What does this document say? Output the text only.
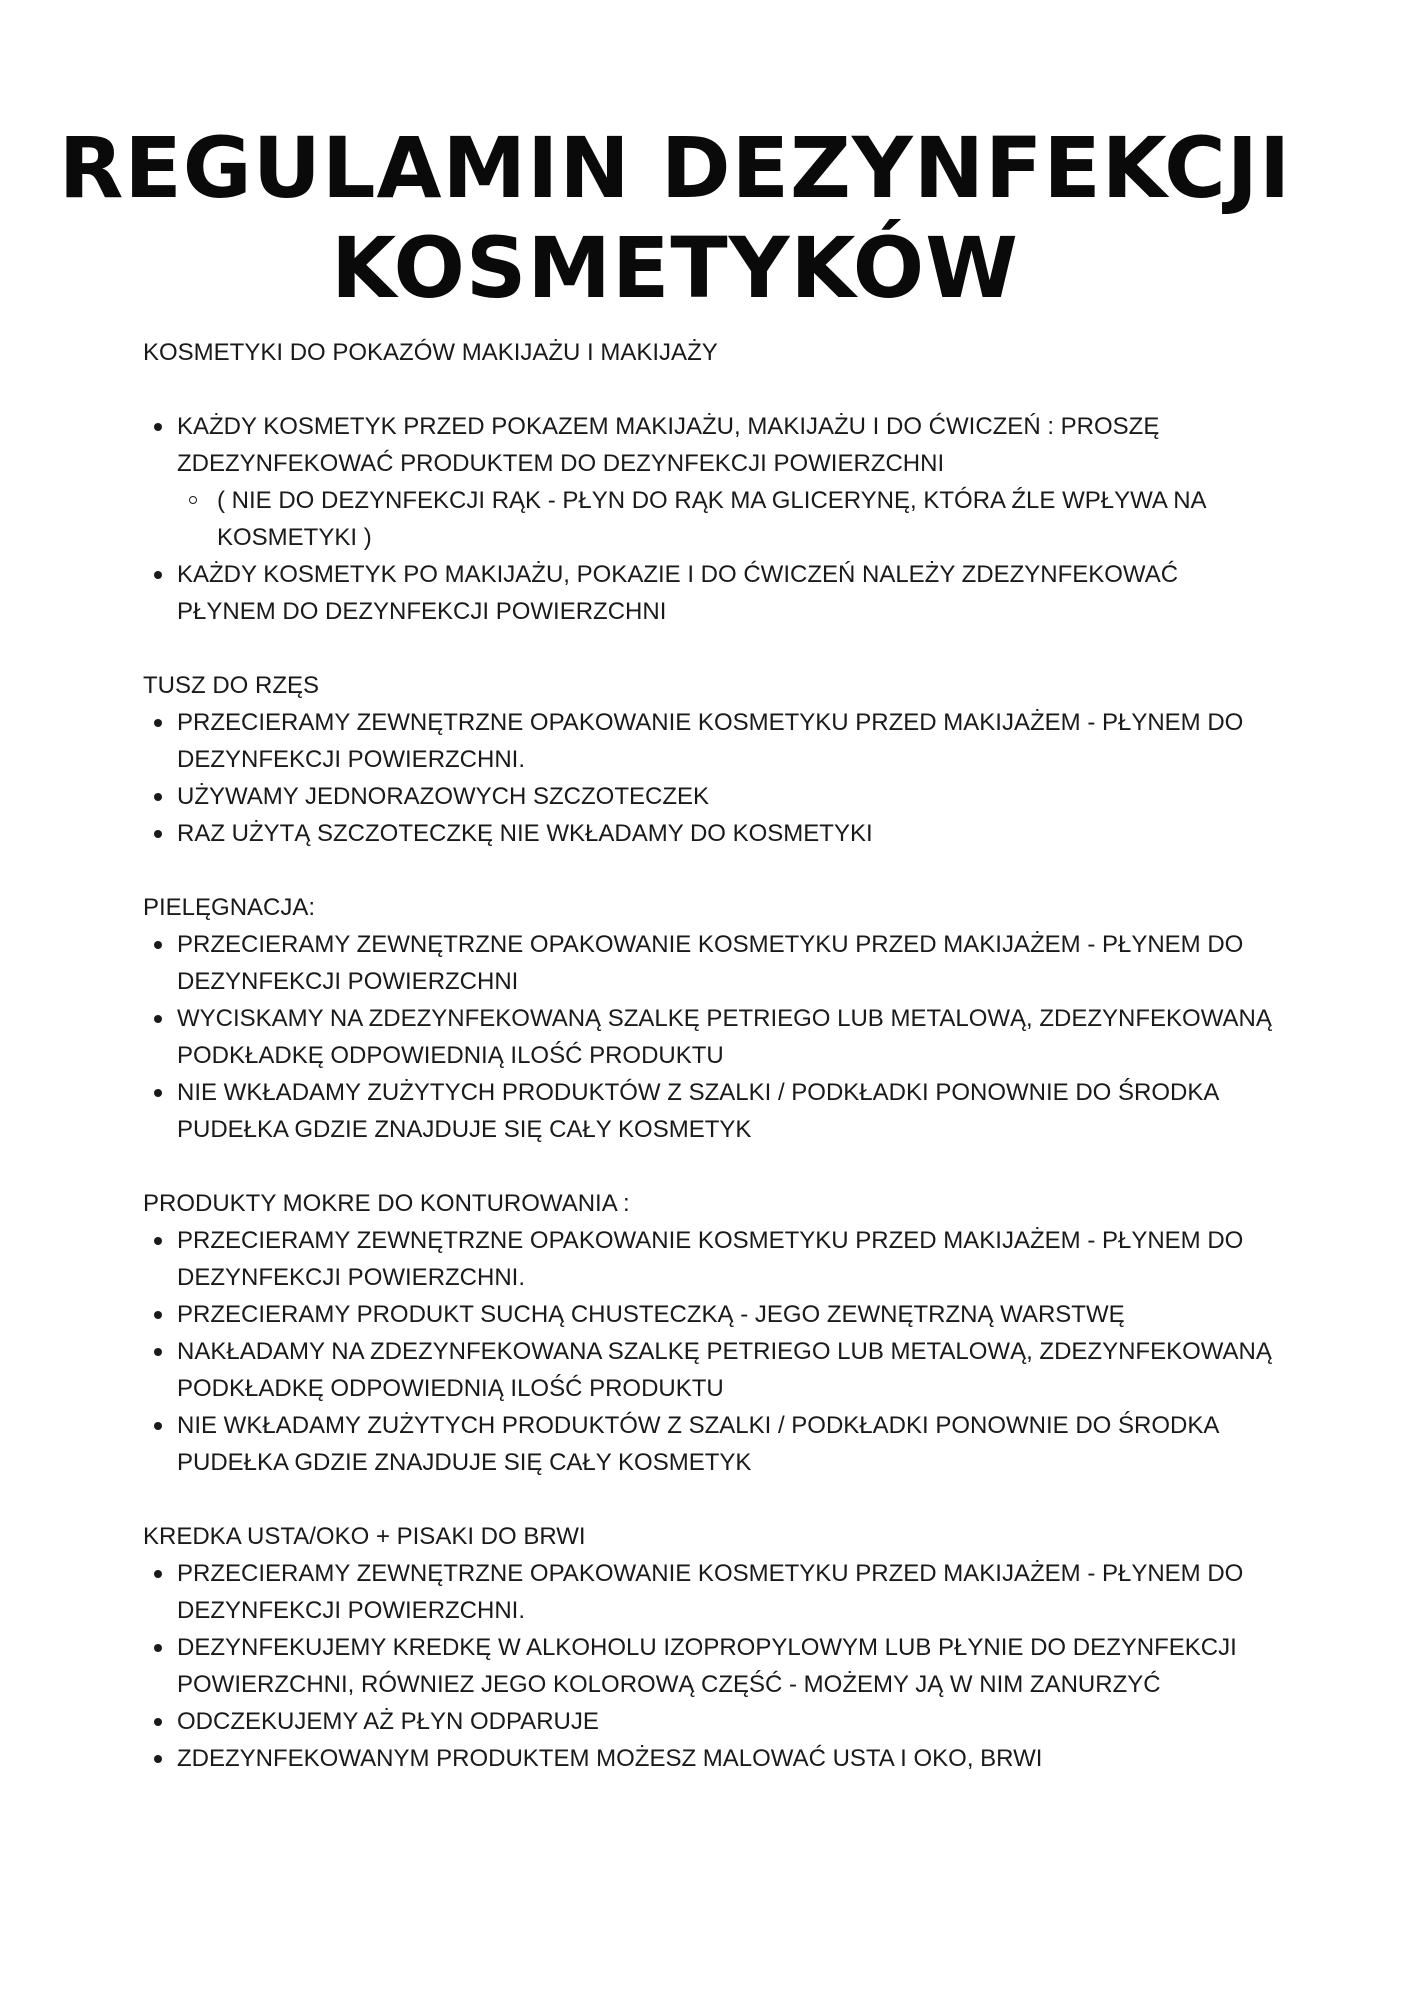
REGULAMIN DEZYNFEKCJI
KOSMETYKÓW

KOSMETYKI DO POKAZÓW MAKIJAŻU I MAKIJAŻY

KAŻDY KOSMETYK PRZED POKAZEM MAKIJAŻU, MAKIJAŻU I DO ĆWICZEŃ : PROSZĘ ZDEZYNFEKOWAĆ PRODUKTEM DO DEZYNFEKCJI POWIERZCHNI
( NIE DO DEZYNFEKCJI RĄK - PŁYN DO RĄK MA GLICERYNĘ, KTÓRA ŹLE WPŁYWA NA KOSMETYKI )
KAŻDY KOSMETYK PO MAKIJAŻU, POKAZIE I DO ĆWICZEŃ NALEŻY ZDEZYNFEKOWAĆ PŁYNEM DO DEZYNFEKCJI POWIERZCHNI

TUSZ DO RZĘS

PRZECIERAMY ZEWNĘTRZNE OPAKOWANIE KOSMETYKU PRZED MAKIJAŻEM - PŁYNEM DO DEZYNFEKCJI POWIERZCHNI.
UŻYWAMY JEDNORAZOWYCH SZCZOTECZEK
RAZ UŻYTĄ SZCZOTECZKĘ NIE WKŁADAMY DO KOSMETYKI

PIELĘGNACJA:

PRZECIERAMY ZEWNĘTRZNE OPAKOWANIE KOSMETYKU PRZED MAKIJAŻEM - PŁYNEM DO DEZYNFEKCJI POWIERZCHNI
WYCISKAMY NA ZDEZYNFEKOWANĄ SZALKĘ PETRIEGO LUB METALOWĄ, ZDEZYNFEKOWANĄ PODKŁADKĘ ODPOWIEDNIĄ ILOŚĆ PRODUKTU
NIE WKŁADAMY ZUŻYTYCH PRODUKTÓW Z SZALKI / PODKŁADKI PONOWNIE DO ŚRODKA PUDEŁKA GDZIE ZNAJDUJE SIĘ CAŁY KOSMETYK

PRODUKTY MOKRE DO KONTUROWANIA :

PRZECIERAMY ZEWNĘTRZNE OPAKOWANIE KOSMETYKU PRZED MAKIJAŻEM - PŁYNEM DO DEZYNFEKCJI POWIERZCHNI.
PRZECIERAMY PRODUKT SUCHĄ CHUSTECZKĄ - JEGO ZEWNĘTRZNĄ WARSTWĘ
NAKŁADAMY NA ZDEZYNFEKOWANA SZALKĘ PETRIEGO LUB METALOWĄ, ZDEZYNFEKOWANĄ PODKŁADKĘ ODPOWIEDNIĄ ILOŚĆ PRODUKTU
NIE WKŁADAMY ZUŻYTYCH PRODUKTÓW Z SZALKI / PODKŁADKI PONOWNIE DO ŚRODKA PUDEŁKA GDZIE ZNAJDUJE SIĘ CAŁY KOSMETYK

KREDKA USTA/OKO + PISAKI DO BRWI

PRZECIERAMY ZEWNĘTRZNE OPAKOWANIE KOSMETYKU PRZED MAKIJAŻEM - PŁYNEM DO DEZYNFEKCJI POWIERZCHNI.
DEZYNFEKUJEMY KREDKĘ W ALKOHOLU IZOPROPYLOWYM LUB PŁYNIE DO DEZYNFEKCJI POWIERZCHNI, RÓWNIEZ JEGO KOLOROWĄ CZĘŚĆ - MOŻEMY JĄ W NIM ZANURZYĆ
ODCZEKUJEMY AŻ PŁYN ODPARUJE
ZDEZYNFEKOWANYM PRODUKTEM MOŻESZ MALOWAĆ USTA I OKO, BRWI
